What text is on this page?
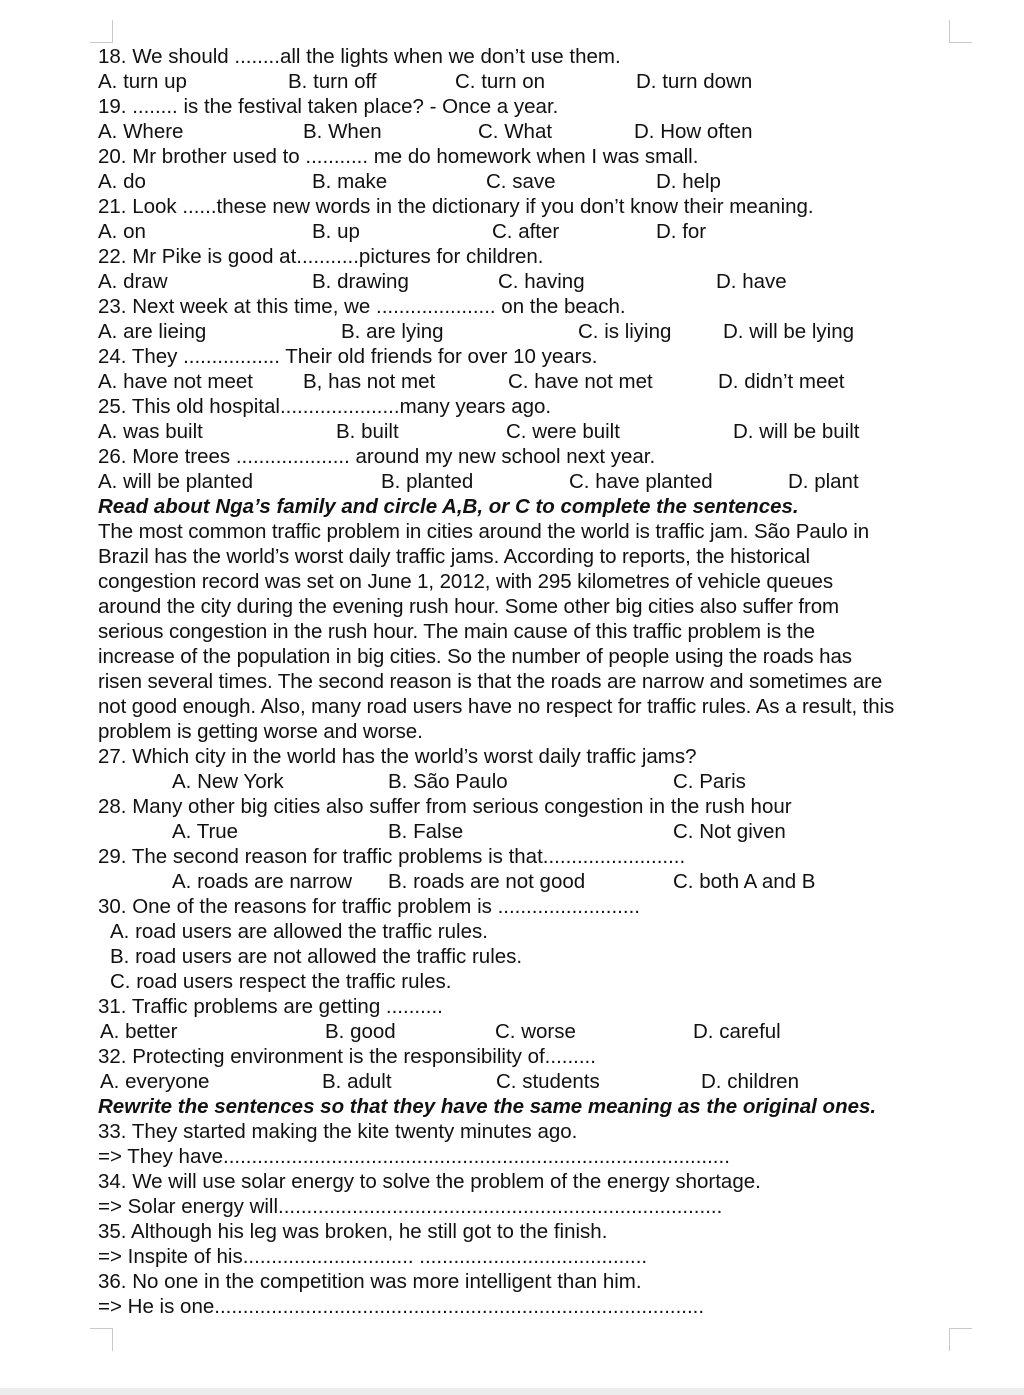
18. We should ........all the lights when we don’t use them.
A. turn up	B. turn off	C. turn on	D. turn down
19. ........ is the festival taken place? - Once a year.
A. Where	B. When	C. What	D. How often
20. Mr brother used to ........... me do homework when I was small.
A. do	B. make	C. save	D. help
21. Look ......these new words in the dictionary if you don’t know their meaning.
A. on	B. up	C. after	D. for
22. Mr Pike is good at...........pictures for children.
A. draw	B. drawing	C. having	D. have
23. Next week at this time, we ..................... on the beach.
A. are lieing	B. are lying	C. is liying	D. will be lying
24. They ................. Their old friends for over 10 years.
A. have not meet B, has not met	C. have not met	D. didn’t meet
25. This old hospital.....................many years ago.
A. was built	B. built	C. were built	D. will be built
26. More trees .................... around my new school next year.
A. will be planted	B. planted	C. have planted	D. plant
Read about Nga’s family and circle A,B, or C to complete the sentences.
The most common traffic problem in cities around the world is traffic jam. São Paulo in
Brazil has the world’s worst daily traffic jams. According to reports, the historical
congestion record was set on June 1, 2012, with 295 kilometres of vehicle queues
around the city during the evening rush hour. Some other big cities also suffer from
serious congestion in the rush hour. The main cause of this traffic problem is the
increase of the population in big cities. So the number of people using the roads has
risen several times. The second reason is that the roads are narrow and sometimes are
not good enough. Also, many road users have no respect for traffic rules. As a result, this
problem is getting worse and worse.
27. Which city in the world has the world’s worst daily traffic jams?
A. New York	B. São Paulo	C. Paris
28. Many other big cities also suffer from serious congestion in the rush hour
A. True	B. False	C. Not given
29. The second reason for traffic problems is that.........................
A. roads are narrow B. roads are not good	C. both A and B
30. One of the reasons for traffic problem is .........................
A. road users are allowed the traffic rules.
B. road users are not allowed the traffic rules.
C. road users respect the traffic rules.
31. Traffic problems are getting ..........
A. better	B. good	C. worse	D. careful
32. Protecting environment is the responsibility of.........
A. everyone	B. adult	C. students	D. children
Rewrite the sentences so that they have the same meaning as the original ones.
33. They started making the kite twenty minutes ago.
=> They have.........................................................................................
34. We will use solar energy to solve the problem of the energy shortage.
=> Solar energy will..............................................................................
35. Although his leg was broken, he still got to the finish.
=> Inspite of his.............................. ........................................
36. No one in the competition was more intelligent than him.
=> He is one......................................................................................
